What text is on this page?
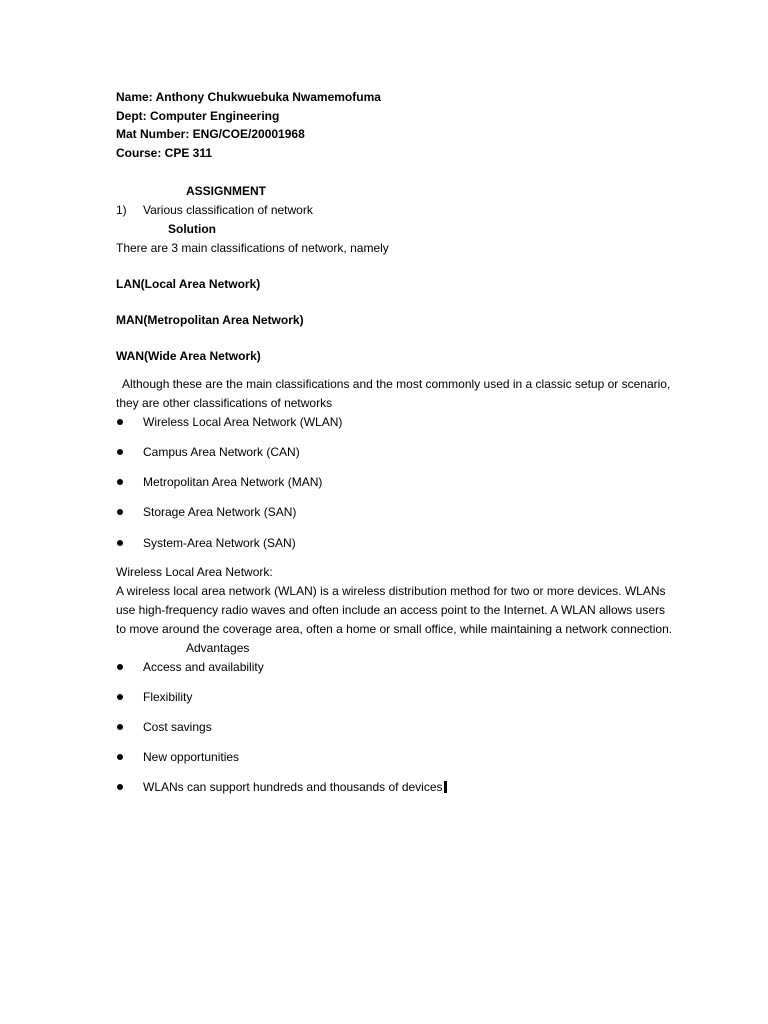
Name: Anthony Chukwuebuka Nwamemofuma
Dept: Computer Engineering
Mat Number: ENG/COE/20001968
Course: CPE 311
ASSIGNMENT
1) Various classification of network
Solution
There are 3 main classifications of network, namely
LAN(Local Area Network)
MAN(Metropolitan Area Network)
WAN(Wide Area Network)
Although these are the main classifications and the most commonly used in a classic setup or scenario,
they are other classifications of networks
Wireless Local Area Network (WLAN)
Campus Area Network (CAN)
Metropolitan Area Network (MAN)
Storage Area Network (SAN)
System-Area Network (SAN)
Wireless Local Area Network:
A wireless local area network (WLAN) is a wireless distribution method for two or more devices. WLANs
use high-frequency radio waves and often include an access point to the Internet. A WLAN allows users
to move around the coverage area, often a home or small office, while maintaining a network connection.
Advantages
Access and availability
Flexibility
Cost savings
New opportunities
WLANs can support hundreds and thousands of devices
